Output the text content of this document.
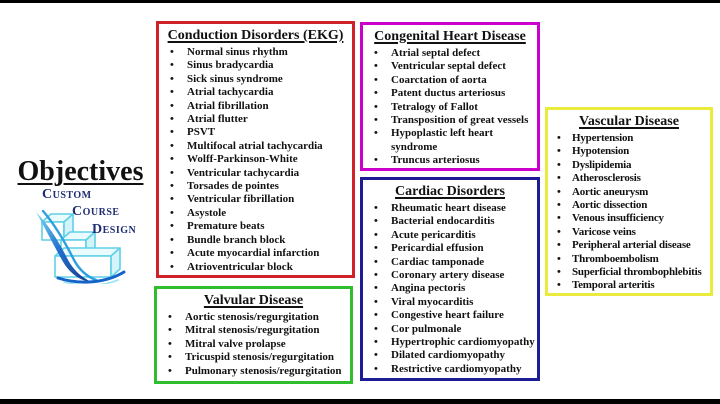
Objectives
Custom
Course
Design
Conduction Disorders (EKG)
• Normal sinus rhythm
• Sinus bradycardia
• Sick sinus syndrome
• Atrial tachycardia
• Atrial fibrillation
• Atrial flutter
• PSVT
• Multifocal atrial tachycardia
• Wolff-Parkinson-White
• Ventricular tachycardia
• Torsades de pointes
• Ventricular fibrillation
• Asystole
• Premature beats
• Bundle branch block
• Acute myocardial infarction
• Atrioventricular block
Congenital Heart Disease
• Atrial septal defect
• Ventricular septal defect
• Coarctation of aorta
• Patent ductus arteriosus
• Tetralogy of Fallot
• Transposition of great vessels
• Hypoplastic left heart syndrome
• Truncus arteriosus
Cardiac Disorders
• Rheumatic heart disease
• Bacterial endocarditis
• Acute pericarditis
• Pericardial effusion
• Cardiac tamponade
• Coronary artery disease
• Angina pectoris
• Viral myocarditis
• Congestive heart failure
• Cor pulmonale
• Hypertrophic cardiomyopathy
• Dilated cardiomyopathy
• Restrictive cardiomyopathy
Vascular Disease
• Hypertension
• Hypotension
• Dyslipidemia
• Atherosclerosis
• Aortic aneurysm
• Aortic dissection
• Venous insufficiency
• Varicose veins
• Peripheral arterial disease
• Thromboembolism
• Superficial thrombophlebitis
• Temporal arteritis
Valvular Disease
• Aortic stenosis/regurgitation
• Mitral stenosis/regurgitation
• Mitral valve prolapse
• Tricuspid stenosis/regurgitation
• Pulmonary stenosis/regurgitation
